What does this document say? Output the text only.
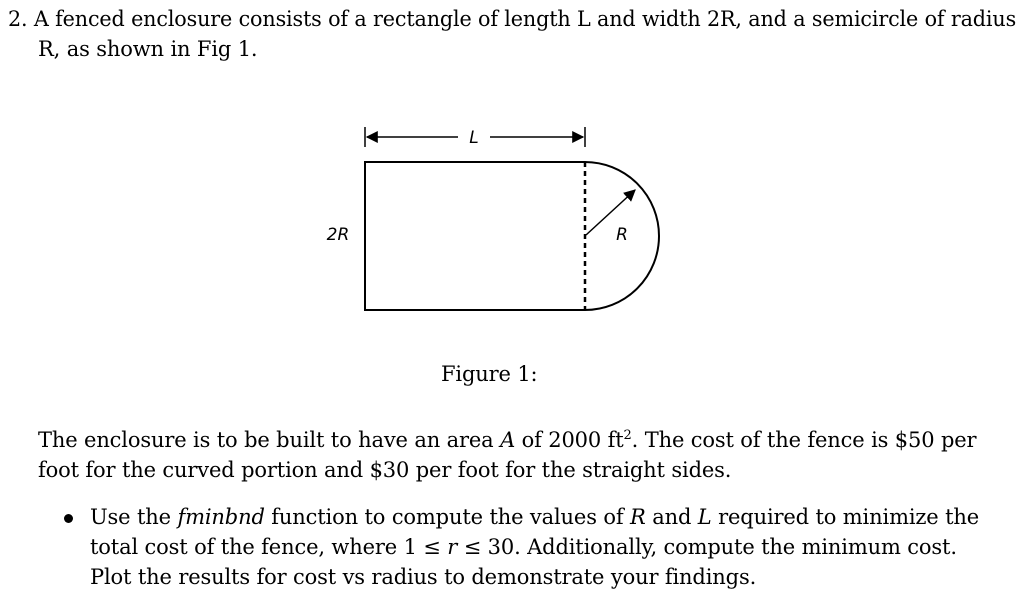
2. A fenced enclosure consists of a rectangle of length L and width 2R, and a semicircle of radius
R, as shown in Fig 1.
L
2R	R
Figure 1:
The enclosure is to be built to have an area A of 2000 $ft^2$. The cost of the fence is $50 per
foot for the curved portion and $30 per foot for the straight sides.
Use the fminbnd function to compute the values of R and L required to minimize the
total cost of the fence, where 1 ≤ r ≤ 30. Additionally, compute the minimum cost.
Plot the results for cost vs radius to demonstrate your findings.
